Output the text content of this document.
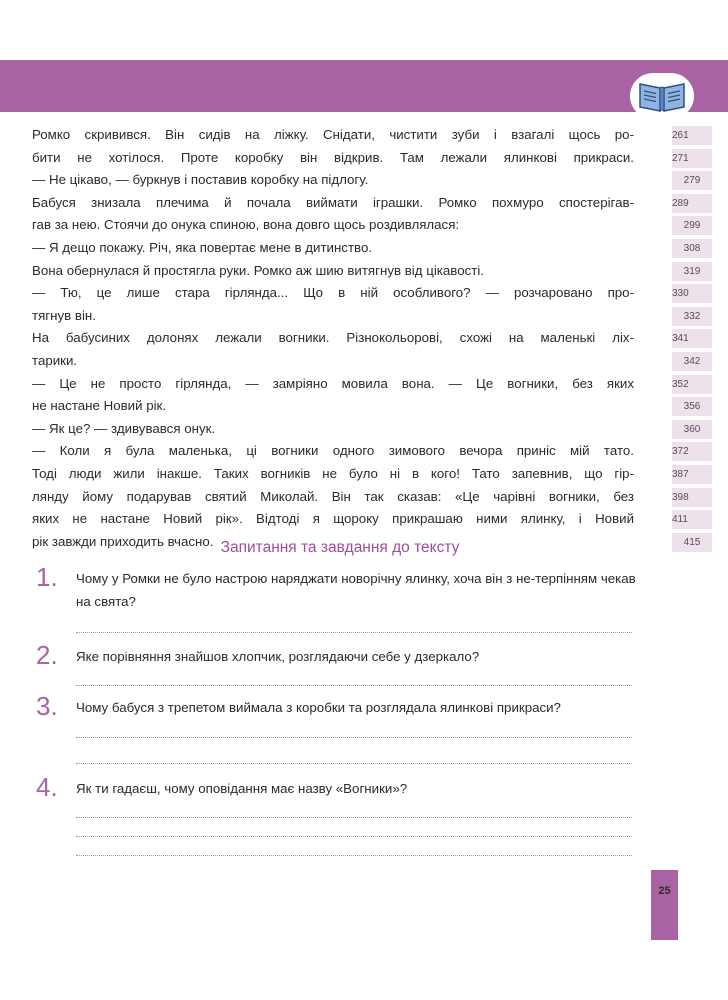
Ромко скривився. Він сидів на ліжку. Снідати, чистити зуби і взагалі щось ро-	261
бити не хотілося. Проте коробку він відкрив. Там лежали ялинкові прикраси.	271
— Не цікаво, — буркнув і поставив коробку на підлогу.	279
Бабуся знизала плечима й почала виймати іграшки. Ромко похмуро спостерігав-	289
гав за нею. Стоячи до онука спиною, вона довго щось роздивлялася:	299
— Я дещо покажу. Річ, яка повертає мене в дитинство.	308
Вона обернулася й простягла руки. Ромко аж шию витягнув від цікавості.	319
— Тю, це лише стара гірлянда... Що в ній особливого? — розчаровано про-	330
тягнув він.	332
На бабусиних долонях лежали вогники. Різнокольорові, схожі на маленькі ліх-	341
тарики.	342
— Це не просто гірлянда, — замріяно мовила вона. — Це вогники, без яких	352
не настане Новий рік.	356
— Як це? — здивувався онук.	360
— Коли я була маленька, ці вогники одного зимового вечора приніс мій тато.	372
Тоді люди жили інакше. Таких вогників не було ні в кого! Тато запевнив, що гір-	387
лянду йому подарував святий Миколай. Він так сказав: «Це чарівні вогники, без	398
яких не настане Новий рік». Відтоді я щороку прикрашаю ними ялинку, і Новий	411
рік завжди приходить вчасно.	415
Запитання та завдання до тексту
1. Чому у Ромки не було настрою наряджати новорічну ялинку, хоча він з не-терпінням чекав на свята?
2. Яке порівняння знайшов хлопчик, розглядаючи себе у дзеркало?
3. Чому бабуся з трепетом виймала з коробки та розглядала ялинкові прикраси?
4. Як ти гадаєш, чому оповідання має назву «Вогники»?
25
